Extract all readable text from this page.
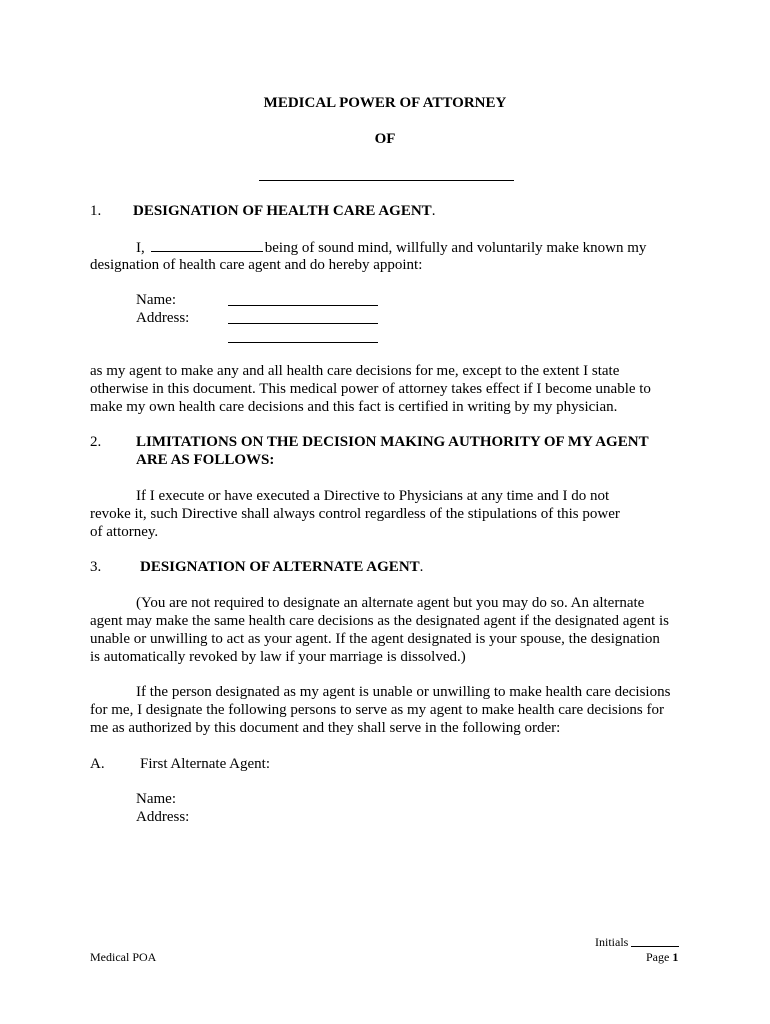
MEDICAL POWER OF ATTORNEY
OF
1. DESIGNATION OF HEALTH CARE AGENT.
I,	being of sound mind, willfully and voluntarily make known my
designation of health care agent and do hereby appoint:
Name:
Address:
as my agent to make any and all health care decisions for me, except to the extent I state
otherwise in this document. This medical power of attorney takes effect if I become unable to
make my own health care decisions and this fact is certified in writing by my physician.
2. LIMITATIONS ON THE DECISION MAKING AUTHORITY OF MY AGENT
ARE AS FOLLOWS:
If I execute or have executed a Directive to Physicians at any time and I do not
revoke it, such Directive shall always control regardless of the stipulations of this power
of attorney.
3.	DESIGNATION OF ALTERNATE AGENT.
(You are not required to designate an alternate agent but you may do so. An alternate
agent may make the same health care decisions as the designated agent if the designated agent is
unable or unwilling to act as your agent. If the agent designated is your spouse, the designation
is automatically revoked by law if your marriage is dissolved.)
If the person designated as my agent is unable or unwilling to make health care decisions
for me, I designate the following persons to serve as my agent to make health care decisions for
me as authorized by this document and they shall serve in the following order:
A. First Alternate Agent:
Name:
Address:
Initials
Medical POA	Page 1
